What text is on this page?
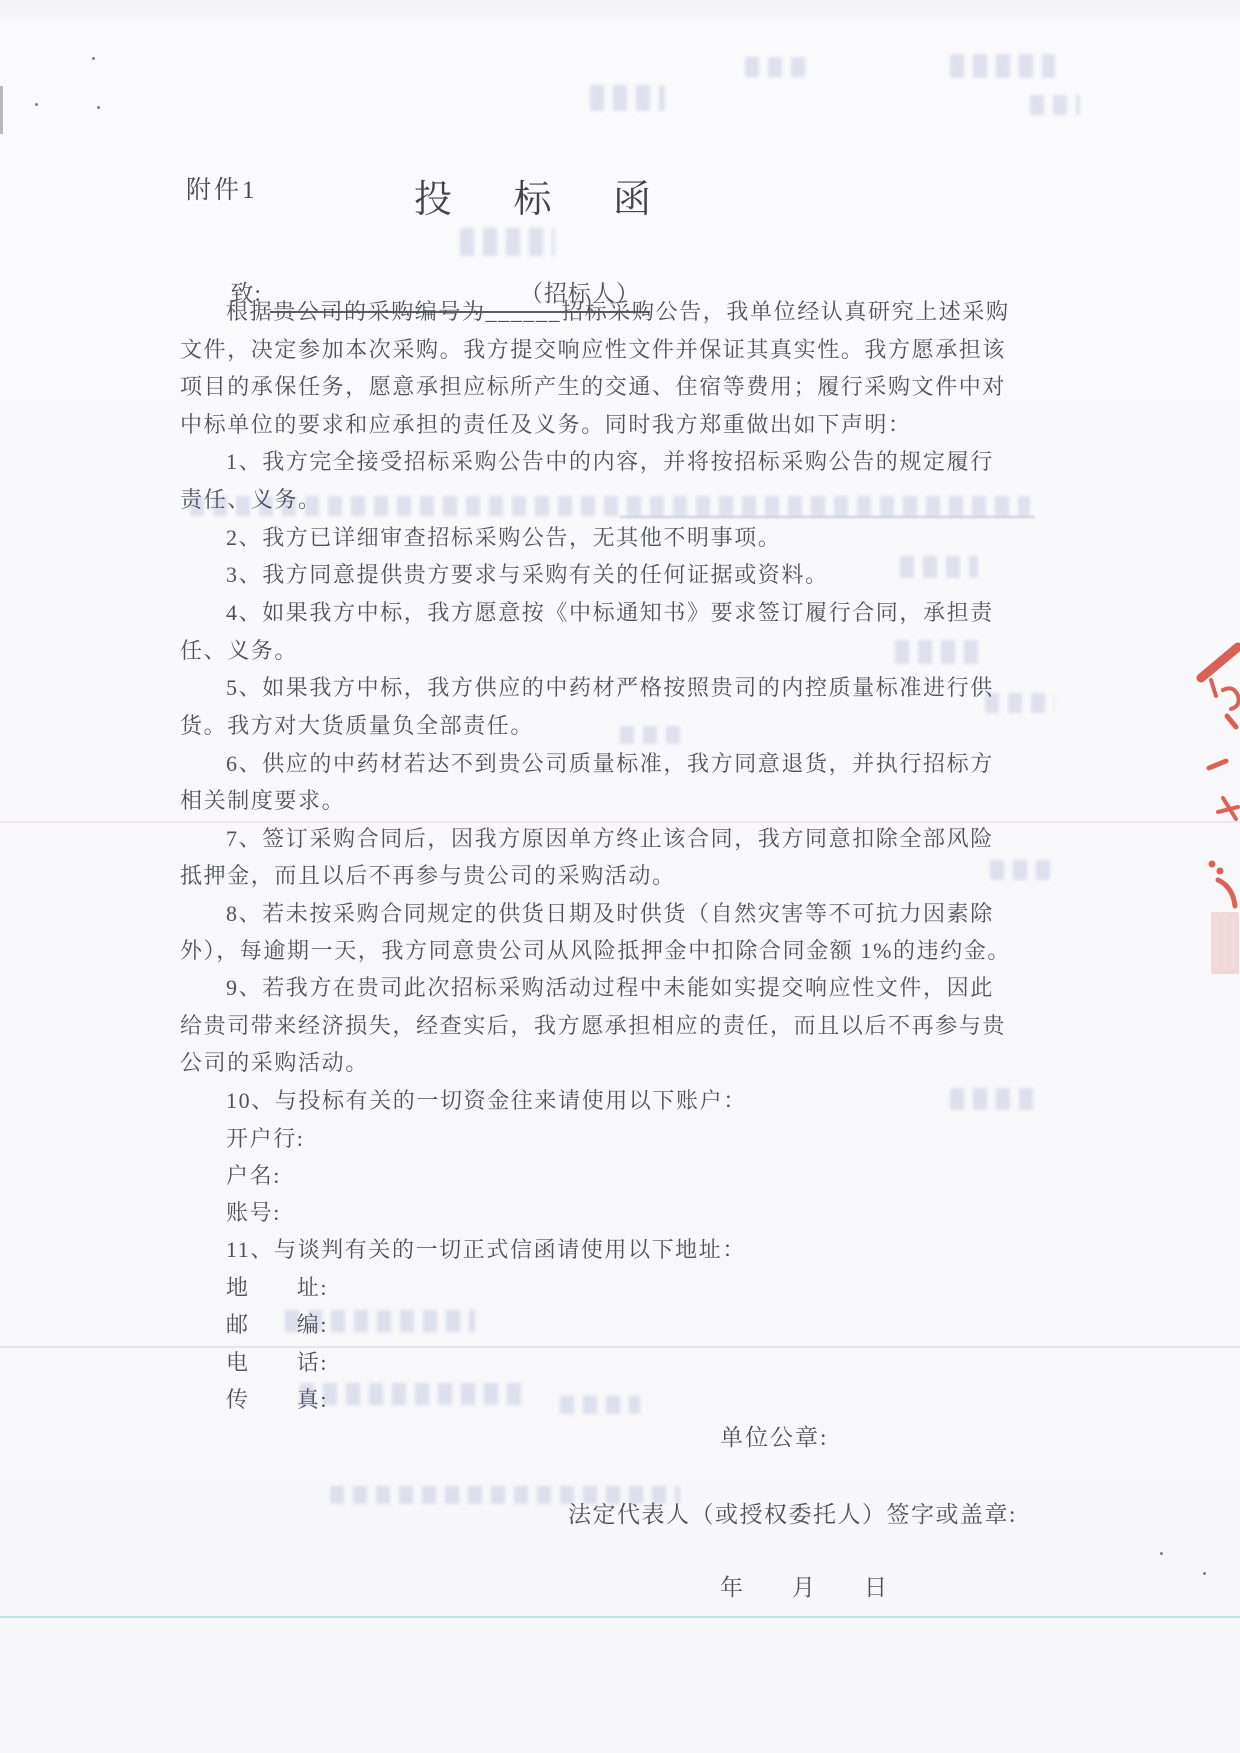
附件1	投 标 函

致:	（招标人）

根据贵公司的采购编号为______招标采购公告，我单位经认真研究上述采购
文件，决定参加本次采购。我方提交响应性文件并保证其真实性。我方愿承担该
项目的承保任务，愿意承担应标所产生的交通、住宿等费用；履行采购文件中对
中标单位的要求和应承担的责任及义务。同时我方郑重做出如下声明：
1、我方完全接受招标采购公告中的内容，并将按招标采购公告的规定履行
责任、义务。
2、我方已详细审查招标采购公告，无其他不明事项。
3、我方同意提供贵方要求与采购有关的任何证据或资料。
4、如果我方中标，我方愿意按《中标通知书》要求签订履行合同，承担责
任、义务。
5、如果我方中标，我方供应的中药材严格按照贵司的内控质量标准进行供
货。我方对大货质量负全部责任。
6、供应的中药材若达不到贵公司质量标准，我方同意退货，并执行招标方
相关制度要求。
7、签订采购合同后，因我方原因单方终止该合同，我方同意扣除全部风险
抵押金，而且以后不再参与贵公司的采购活动。
8、若未按采购合同规定的供货日期及时供货（自然灾害等不可抗力因素除
外），每逾期一天，我方同意贵公司从风险抵押金中扣除合同金额 1%的违约金。
9、若我方在贵司此次招标采购活动过程中未能如实提交响应性文件，因此
给贵司带来经济损失，经查实后，我方愿承担相应的责任，而且以后不再参与贵
公司的采购活动。
10、与投标有关的一切资金往来请使用以下账户：
开户行:
户名:
账号:
11、与谈判有关的一切正式信函请使用以下地址：
地　　址:
邮　　编:
电　　话:
传　　真:
单位公章:
法定代表人（或授权委托人）签字或盖章:
年　　月　　日
